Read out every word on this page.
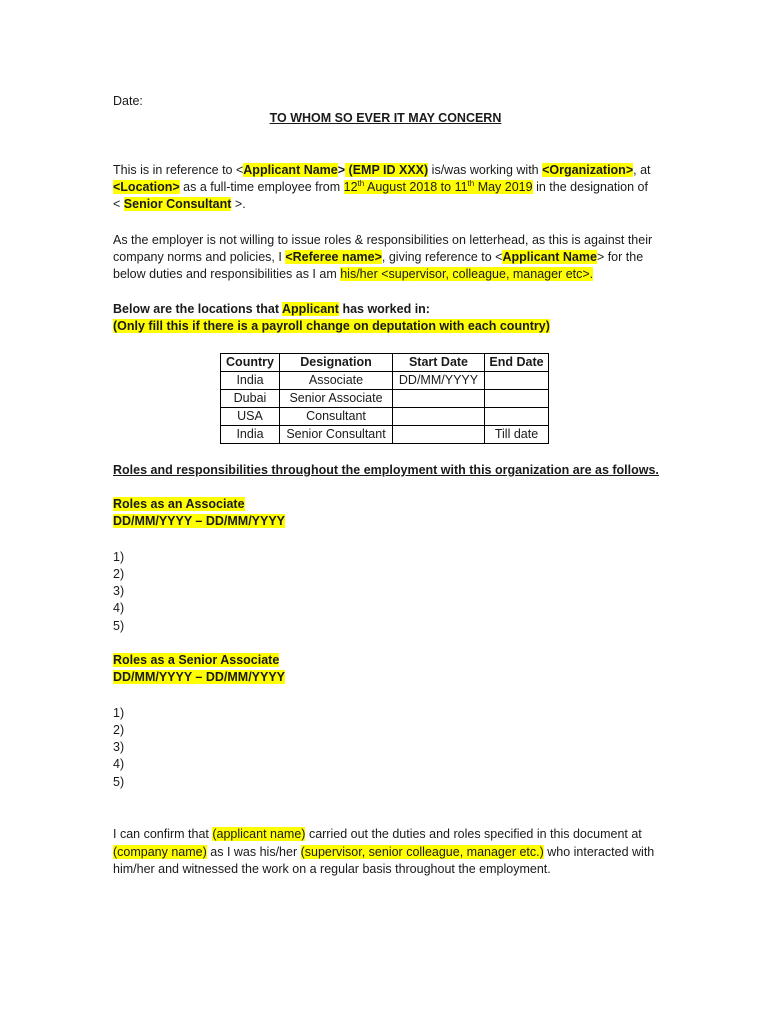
Date:
TO WHOM SO EVER IT MAY CONCERN
This is in reference to <Applicant Name> (EMP ID XXX) is/was working with <Organization>, at
<Location> as a full-time employee from 12th August 2018 to 11th May 2019 in the designation of
< Senior Consultant >.
As the employer is not willing to issue roles & responsibilities on letterhead, as this is against their
company norms and policies, I <Referee name>, giving reference to <Applicant Name> for the
below duties and responsibilities as I am his/her <supervisor, colleague, manager etc>.
Below are the locations that Applicant has worked in:
(Only fill this if there is a payroll change on deputation with each country)
Country	Designation	Start Date	End Date
India	Associate	DD/MM/YYYY	
Dubai	Senior Associate		
USA	Consultant		
India	Senior Consultant		Till date
Roles and responsibilities throughout the employment with this organization are as follows.
Roles as an Associate
DD/MM/YYYY – DD/MM/YYYY
1)
2)
3)
4)
5)
Roles as a Senior Associate
DD/MM/YYYY – DD/MM/YYYY
1)
2)
3)
4)
5)
I can confirm that (applicant name) carried out the duties and roles specified in this document at
(company name) as I was his/her (supervisor, senior colleague, manager etc.) who interacted with
him/her and witnessed the work on a regular basis throughout the employment.
